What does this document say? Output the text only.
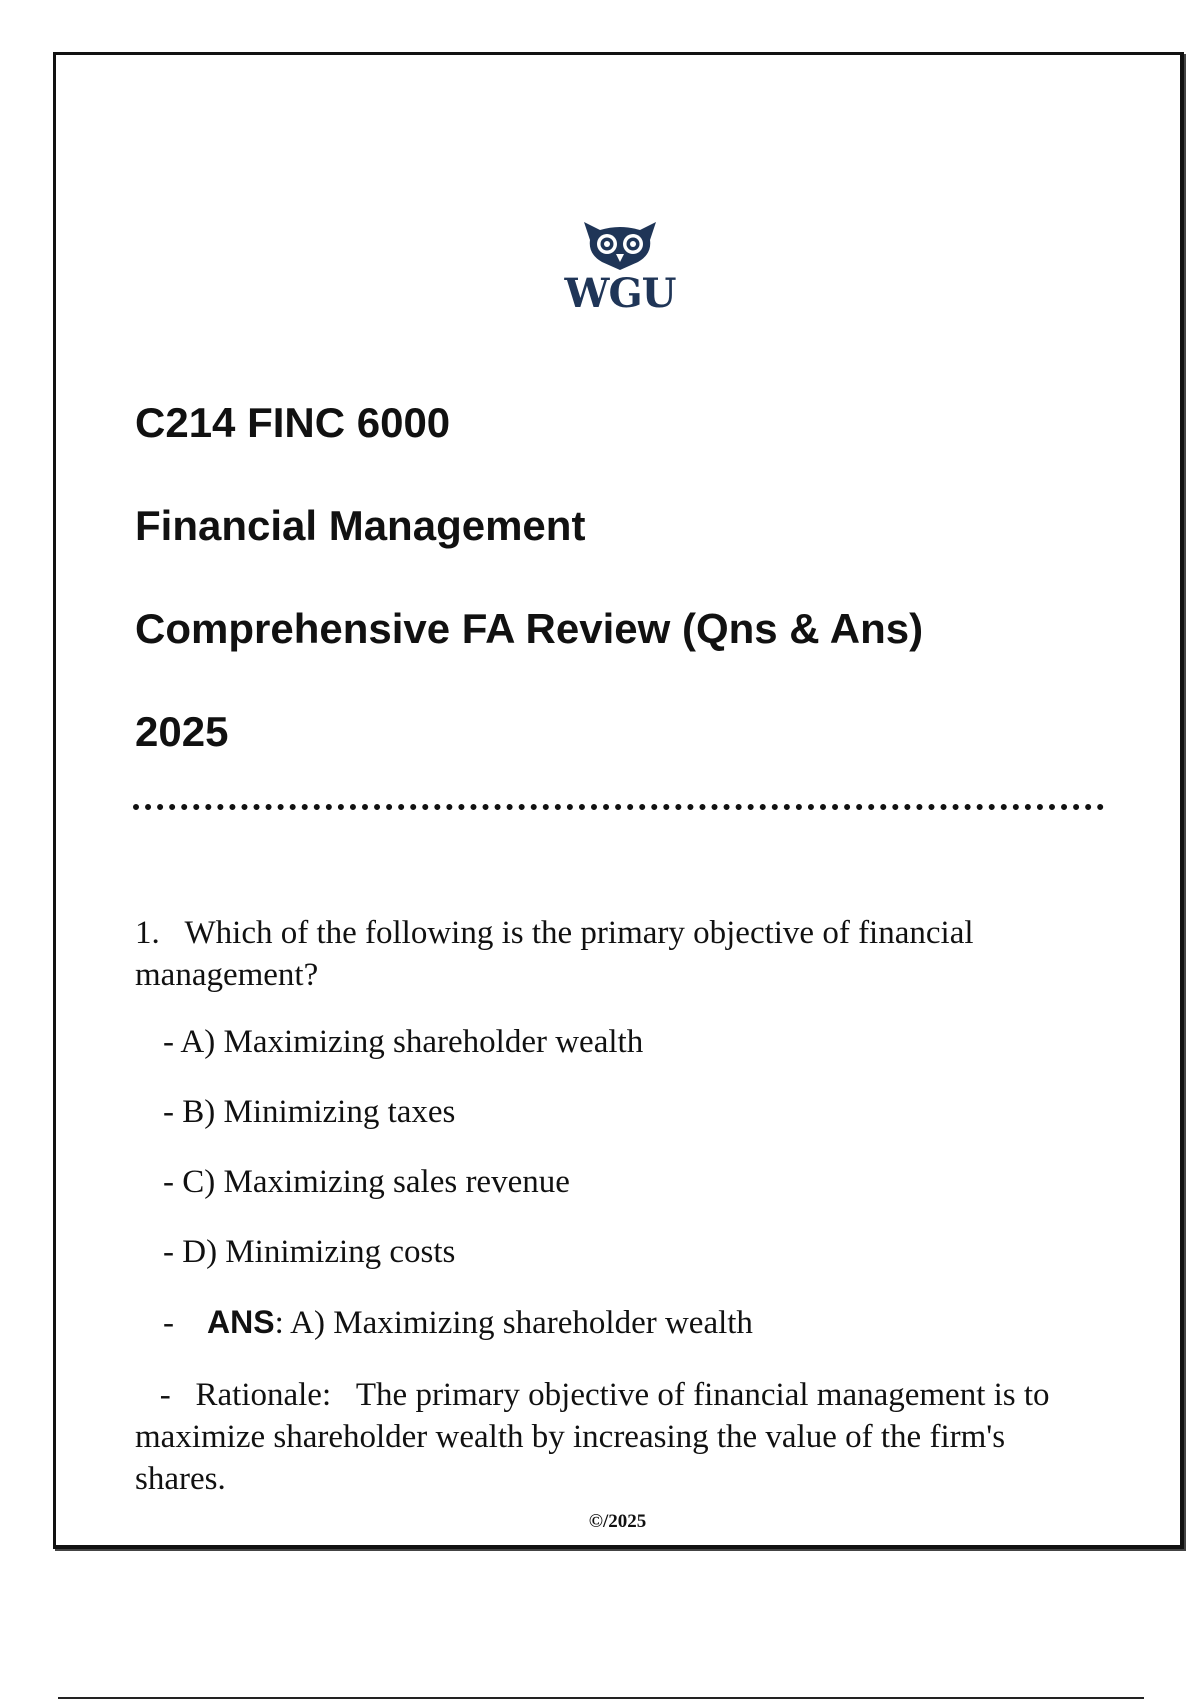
WGU
C214 FINC 6000
Financial Management
Comprehensive FA Review (Qns & Ans)
2025

1. Which of the following is the primary objective of financial management?

- A) Maximizing shareholder wealth

- B) Minimizing taxes

- C) Maximizing sales revenue

- D) Minimizing costs

- ANS: A) Maximizing shareholder wealth

- Rationale: The primary objective of financial management is to maximize shareholder wealth by increasing the value of the firm's shares.

©/2025
